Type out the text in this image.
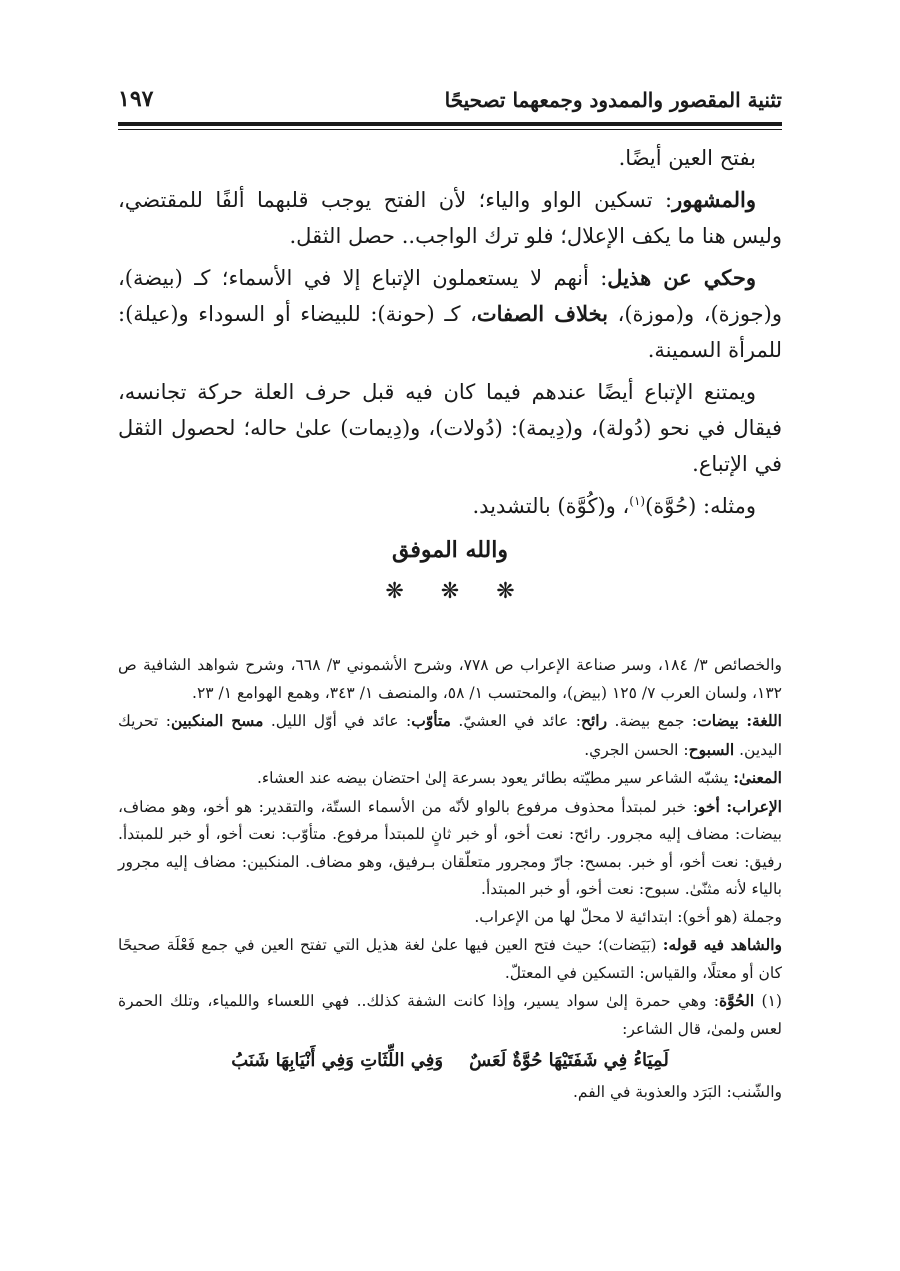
تثنية المقصور والممدود وجمعهما تصحيحًا
١٩٧

بفتح العين أيضًا.

والمشهور: تسكين الواو والياء؛ لأن الفتح يوجب قلبهما ألفًا للمقتضي، وليس هنا ما يكف الإعلال؛ فلو ترك الواجب.. حصل الثقل.

وحكي عن هذيل: أنهم لا يستعملون الإتباع إلا في الأسماء؛ كـ (بيضة)، و(جوزة)، و(موزة)، بخلاف الصفات، كـ (حونة): للبيضاء أو السوداء و(عيلة): للمرأة السمينة.

ويمتنع الإتباع أيضًا عندهم فيما كان فيه قبل حرف العلة حركة تجانسه، فيقال في نحو (دُولة)، و(دِيمة): (دُولات)، و(دِيمات) علىٰ حاله؛ لحصول الثقل في الإتباع.

ومثله: (حُوَّة)$^{(١)}$، و(كُوَّة) بالتشديد.

والله الموفق
❋ ❋ ❋

والخصائص ٣/ ١٨٤، وسر صناعة الإعراب ص ٧٧٨، وشرح الأشموني ٣/ ٦٦٨، وشرح شواهد الشافية ص ١٣٢، ولسان العرب ٧/ ١٢٥ (بيض)، والمحتسب ١/ ٥٨، والمنصف ١/ ٣٤٣، وهمع الهوامع ١/ ٢٣.

اللغة: بيضات: جمع بيضة. رائح: عائد في العشيّ. متأوّب: عائد في أوّل الليل. مسح المنكبين: تحريك اليدين. السبوح: الحسن الجري.

المعنىٰ: يشبّه الشاعر سير مطيّته بطائر يعود بسرعة إلىٰ احتضان بيضه عند العشاء.

الإعراب: أخو: خبر لمبتدأ محذوف مرفوع بالواو لأنّه من الأسماء الستّة، والتقدير: هو أخو، وهو مضاف، بيضات: مضاف إليه مجرور. رائح: نعت أخو، أو خبر ثانٍ للمبتدأ مرفوع. متأوّب: نعت أخو، أو خبر للمبتدأ. رفيق: نعت أخو، أو خبر. بمسح: جارّ ومجرور متعلّقان بـرفيق، وهو مضاف. المنكبين: مضاف إليه مجرور بالياء لأنه مثنّىٰ. سبوح: نعت أخو، أو خبر المبتدأ.

وجملة (هو أخو): ابتدائية لا محلّ لها من الإعراب.

والشاهد فيه قوله: (بَيَضات)؛ حيث فتح العين فيها علىٰ لغة هذيل التي تفتح العين في جمع فَعْلَة صحيحًا كان أو معتلًا، والقياس: التسكين في المعتلّ.

(١) الحُوَّة: وهي حمرة إلىٰ سواد يسير، وإذا كانت الشفة كذلك.. فهي اللعساء واللمياء، وتلك الحمرة لعس ولمىٰ، قال الشاعر:

لَمِيَاءُ فِي شَفَتَيْهَا حُوَّةٌ لَعَسٌ
وَفِي اللِّثَاتِ وَفِي أَنْيَابِهَا شَنَبُ

والشّنب: البَرَد والعذوبة في الفم.
